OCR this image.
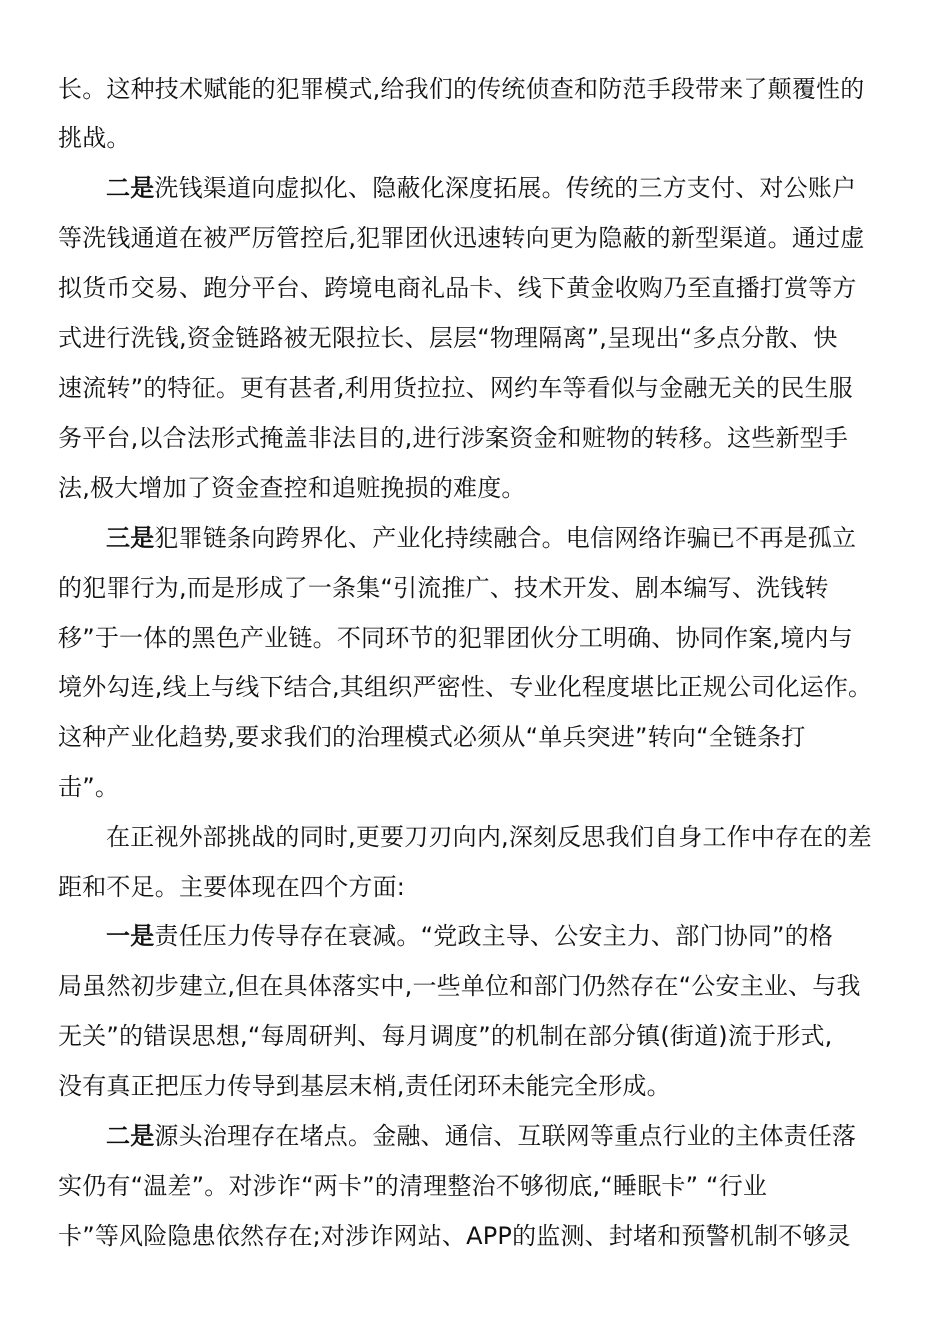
长。这种技术赋能的犯罪模式,给我们的传统侦查和防范手段带来了颠覆性的
挑战。
二是洗钱渠道向虚拟化、隐蔽化深度拓展。传统的三方支付、对公账户
等洗钱通道在被严厉管控后,犯罪团伙迅速转向更为隐蔽的新型渠道。通过虚
拟货币交易、跑分平台、跨境电商礼品卡、线下黄金收购乃至直播打赏等方
式进行洗钱,资金链路被无限拉长、层层“物理隔离”,呈现出“多点分散、快
速流转”的特征。更有甚者,利用货拉拉、网约车等看似与金融无关的民生服
务平台,以合法形式掩盖非法目的,进行涉案资金和赃物的转移。这些新型手
法,极大增加了资金查控和追赃挽损的难度。
三是犯罪链条向跨界化、产业化持续融合。电信网络诈骗已不再是孤立
的犯罪行为,而是形成了一条集“引流推广、技术开发、剧本编写、洗钱转
移”于一体的黑色产业链。不同环节的犯罪团伙分工明确、协同作案,境内与
境外勾连,线上与线下结合,其组织严密性、专业化程度堪比正规公司化运作。
这种产业化趋势,要求我们的治理模式必须从“单兵突进”转向“全链条打
击”。
在正视外部挑战的同时,更要刀刃向内,深刻反思我们自身工作中存在的差
距和不足。主要体现在四个方面:
一是责任压力传导存在衰减。“党政主导、公安主力、部门协同”的格
局虽然初步建立,但在具体落实中,一些单位和部门仍然存在“公安主业、与我
无关”的错误思想,“每周研判、每月调度”的机制在部分镇(街道)流于形式,
没有真正把压力传导到基层末梢,责任闭环未能完全形成。
二是源头治理存在堵点。金融、通信、互联网等重点行业的主体责任落
实仍有“温差”。对涉诈“两卡”的清理整治不够彻底,“睡眠卡” “行业
卡”等风险隐患依然存在;对涉诈网站、APP的监测、封堵和预警机制不够灵
